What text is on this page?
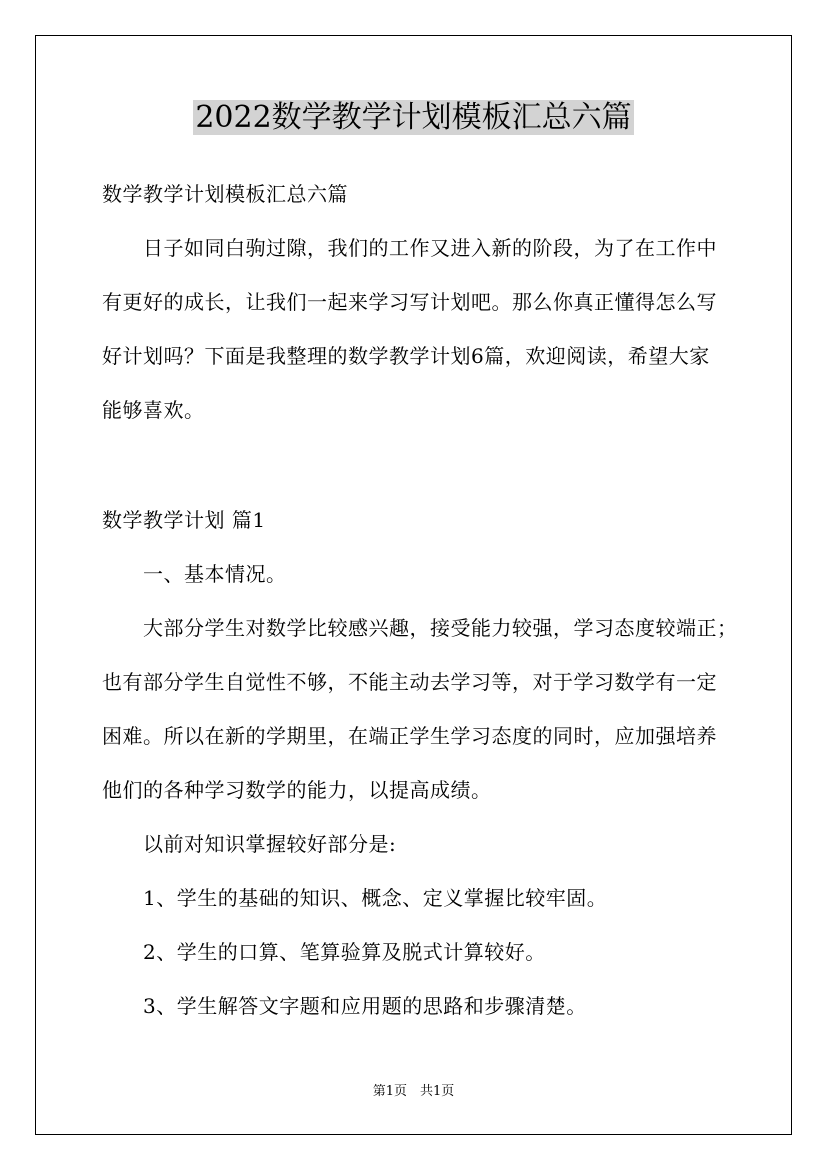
2022数学教学计划模板汇总六篇
数学教学计划模板汇总六篇
　　日子如同白驹过隙，我们的工作又进入新的阶段，为了在工作中
有更好的成长，让我们一起来学习写计划吧。那么你真正懂得怎么写
好计划吗？下面是我整理的数学教学计划6篇，欢迎阅读，希望大家
能够喜欢。
数学教学计划 篇1
　　一、基本情况。
　　大部分学生对数学比较感兴趣，接受能力较强，学习态度较端正；
也有部分学生自觉性不够，不能主动去学习等，对于学习数学有一定
困难。所以在新的学期里，在端正学生学习态度的同时，应加强培养
他们的各种学习数学的能力，以提高成绩。
　　以前对知识掌握较好部分是:
　　1、学生的基础的知识、概念、定义掌握比较牢固。
　　2、学生的口算、笔算验算及脱式计算较好。
　　3、学生解答文字题和应用题的思路和步骤清楚。
第1页　共1页
